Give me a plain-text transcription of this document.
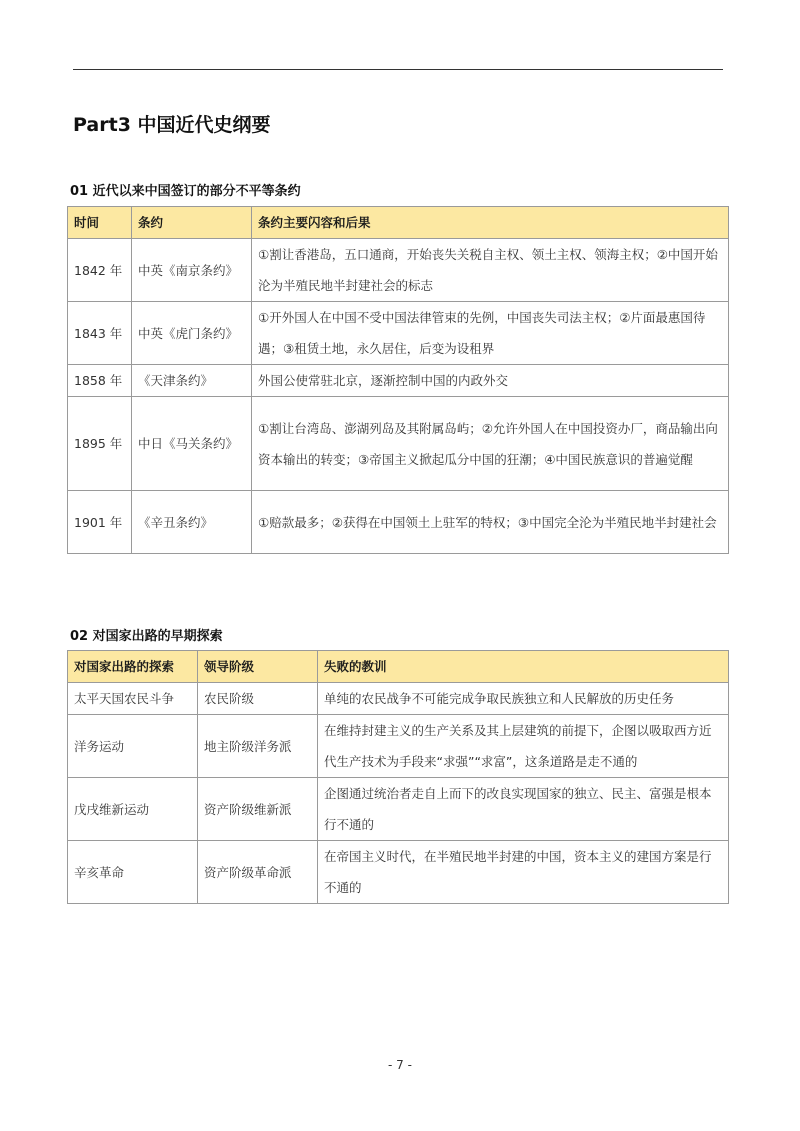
Part3 中国近代史纲要
01 近代以来中国签订的部分不平等条约
时间	条约	条约主要闪容和后果
1842 年	中英《南京条约》	①割让香港岛，五口通商，开始丧失关税自主权、领土主权、领海主权；②中国开始沦为半殖民地半封建社会的标志
1843 年	中英《虎门条约》	①开外国人在中国不受中国法律管束的先例，中国丧失司法主权；②片面最惠国待遇；③租赁土地，永久居住，后变为设租界
1858 年	《天津条约》	外国公使常驻北京，逐渐控制中国的内政外交
1895 年	中日《马关条约》	①割让台湾岛、澎湖列岛及其附属岛屿；②允许外国人在中国投资办厂，商品输出向资本输出的转变；③帝国主义掀起瓜分中国的狂潮；④中国民族意识的普遍觉醒
1901 年	《辛丑条约》	①赔款最多；②获得在中国领土上驻军的特权；③中国完全沦为半殖民地半封建社会
02 对国家出路的早期探索
对国家出路的探索	领导阶级	失败的教训
太平天国农民斗争	农民阶级	单纯的农民战争不可能完成争取民族独立和人民解放的历史任务
洋务运动	地主阶级洋务派	在维持封建主义的生产关系及其上层建筑的前提下，企图以吸取西方近代生产技术为手段来“求强”“求富”，这条道路是走不通的
戊戌维新运动	资产阶级维新派	企图通过统治者走自上而下的改良实现国家的独立、民主、富强是根本行不通的
辛亥革命	资产阶级革命派	在帝国主义时代，在半殖民地半封建的中国，资本主义的建国方案是行不通的
- 7 -
